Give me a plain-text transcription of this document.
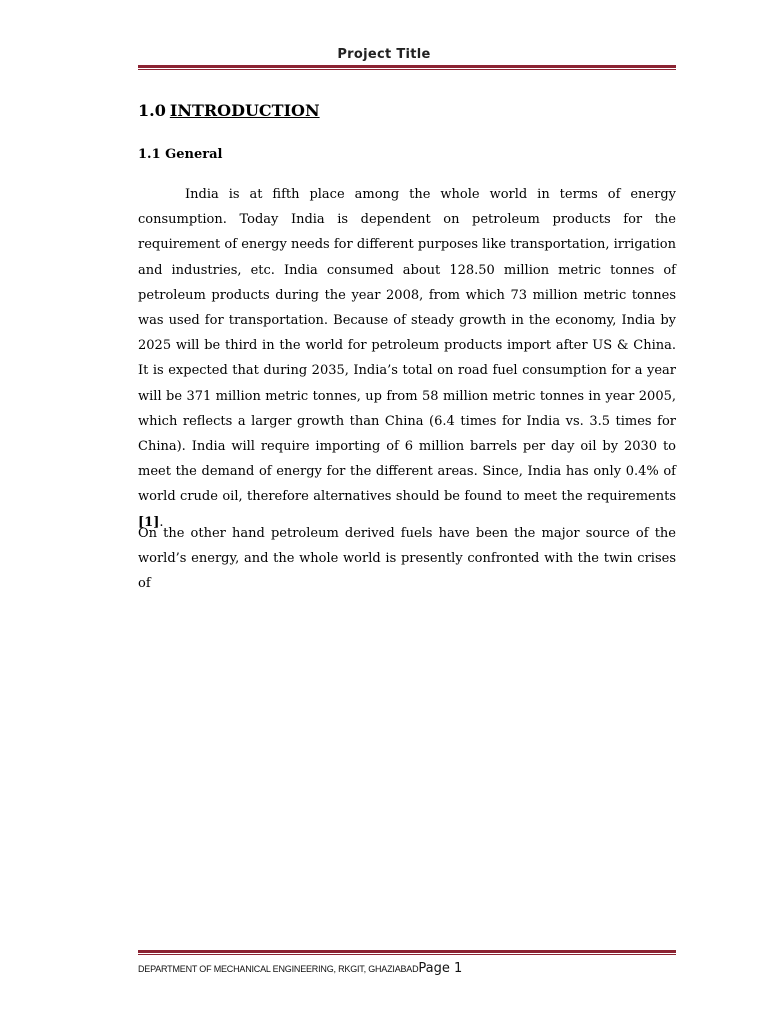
Project Title
1.0 INTRODUCTION
1.1 General

India is at fifth place among the whole world in terms of energy consumption. Today India is dependent on petroleum products for the requirement of energy needs for different purposes like transportation, irrigation and industries, etc. India consumed about 128.50 million metric tonnes of petroleum products during the year 2008, from which 73 million metric tonnes was used for transportation. Because of steady growth in the economy, India by 2025 will be third in the world for petroleum products import after US & China. It is expected that during 2035, India’s total on road fuel consumption for a year will be 371 million metric tonnes, up from 58 million metric tonnes in year 2005, which reflects a larger growth than China (6.4 times for India vs. 3.5 times for China). India will require importing of 6 million barrels per day oil by 2030 to meet the demand of energy for the different areas. Since, India has only 0.4% of world crude oil, therefore alternatives should be found to meet the requirements [1].

On the other hand petroleum derived fuels have been the major source of the world’s energy, and the whole world is presently confronted with the twin crises of

DEPARTMENT OF MECHANICAL ENGINEERING, RKGIT, GHAZIABADPage 1
